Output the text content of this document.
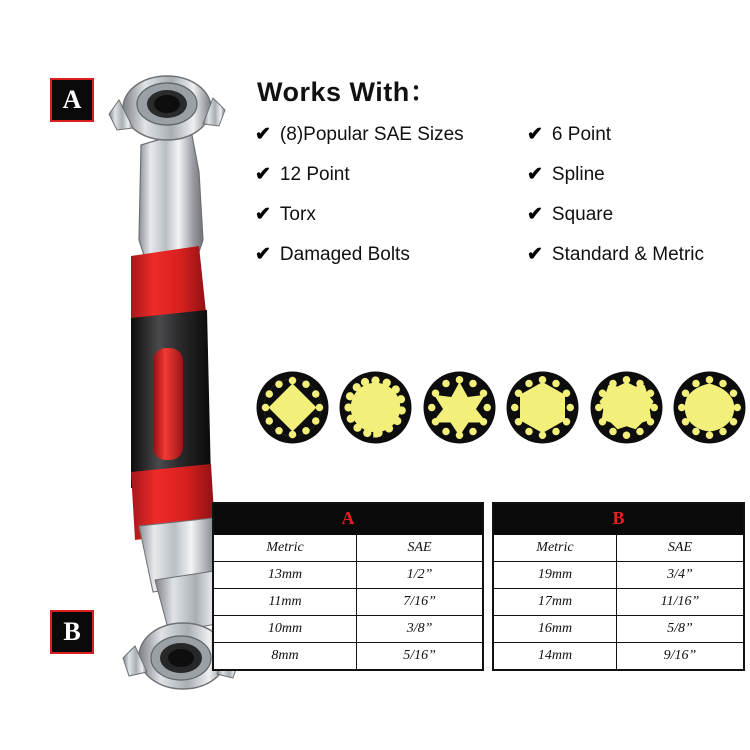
A
B
Works With：
✔ (8)Popular SAE Sizes	✔ 6 Point
✔ 12 Point	✔ Spline
✔ Torx	✔ Square
✔ Damaged Bolts	✔ Standard & Metric
A	
Metric	SAE
13mm	1/2”
11mm	7/16”
10mm	3/8”
8mm	5/16”
B	
Metric	SAE
19mm	3/4”
17mm	11/16”
16mm	5/8”
14mm	9/16”
